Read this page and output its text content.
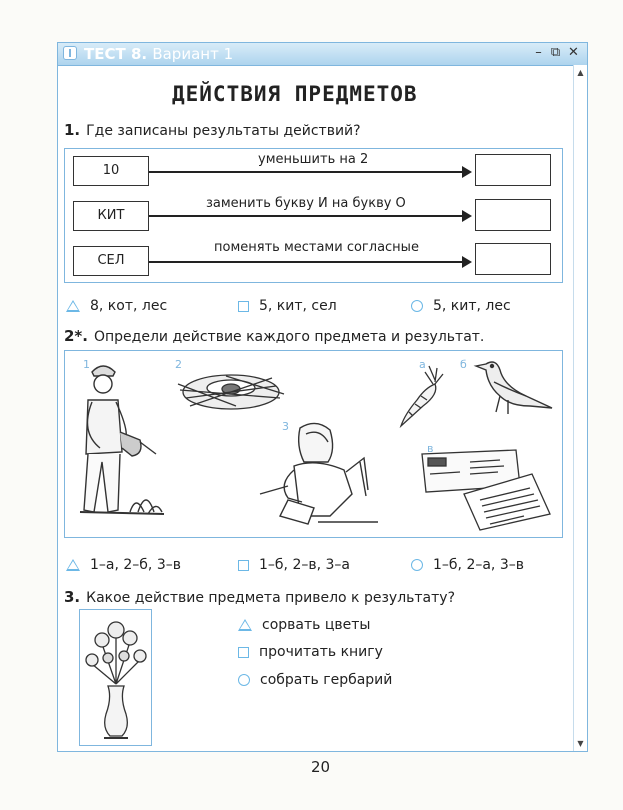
ТЕСТ 8. Вариант 1	– ⧉ ✕
▲
▼
ДЕЙСТВИЯ ПРЕДМЕТОВ
1. Где записаны результаты действий?
10
уменьшить на 2
КИТ
заменить букву И на букву О
СЕЛ
поменять местами согласные
8, кот, лес	5, кит, сел	5, кит, лес
2*. Определи действие каждого предмета и результат.
1	2
3
а	б
в
1–а, 2–б, 3–в	1–б, 2–в, 3–а	1–б, 2–а, 3–в
3. Какое действие предмета привело к результату?
сорвать цветы
прочитать книгу
собрать гербарий
20
